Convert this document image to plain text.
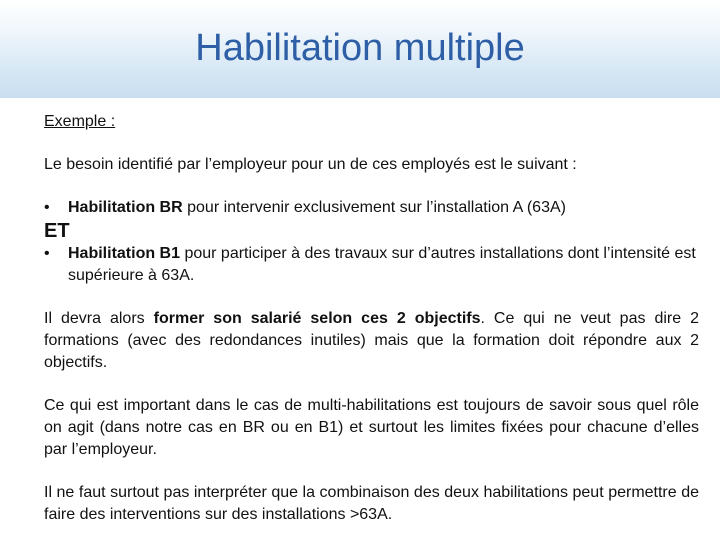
Habilitation multiple

Exemple :

Le besoin identifié par l’employeur pour un de ces employés est le suivant :

• Habilitation BR pour intervenir exclusivement sur l’installation A (63A)

ET

• Habilitation B1 pour participer à des travaux sur d’autres installations dont l’intensité est supérieure à 63A.

Il devra alors former son salarié selon ces 2 objectifs. Ce qui ne veut pas dire 2 formations (avec des redondances inutiles) mais que la formation doit répondre aux 2 objectifs.

Ce qui est important dans le cas de multi-habilitations est toujours de savoir sous quel rôle on agit (dans notre cas en BR ou en B1) et surtout les limites fixées pour chacune d’elles par l’employeur.

Il ne faut surtout pas interpréter que la combinaison des deux habilitations peut permettre de faire des interventions sur des installations >63A.
